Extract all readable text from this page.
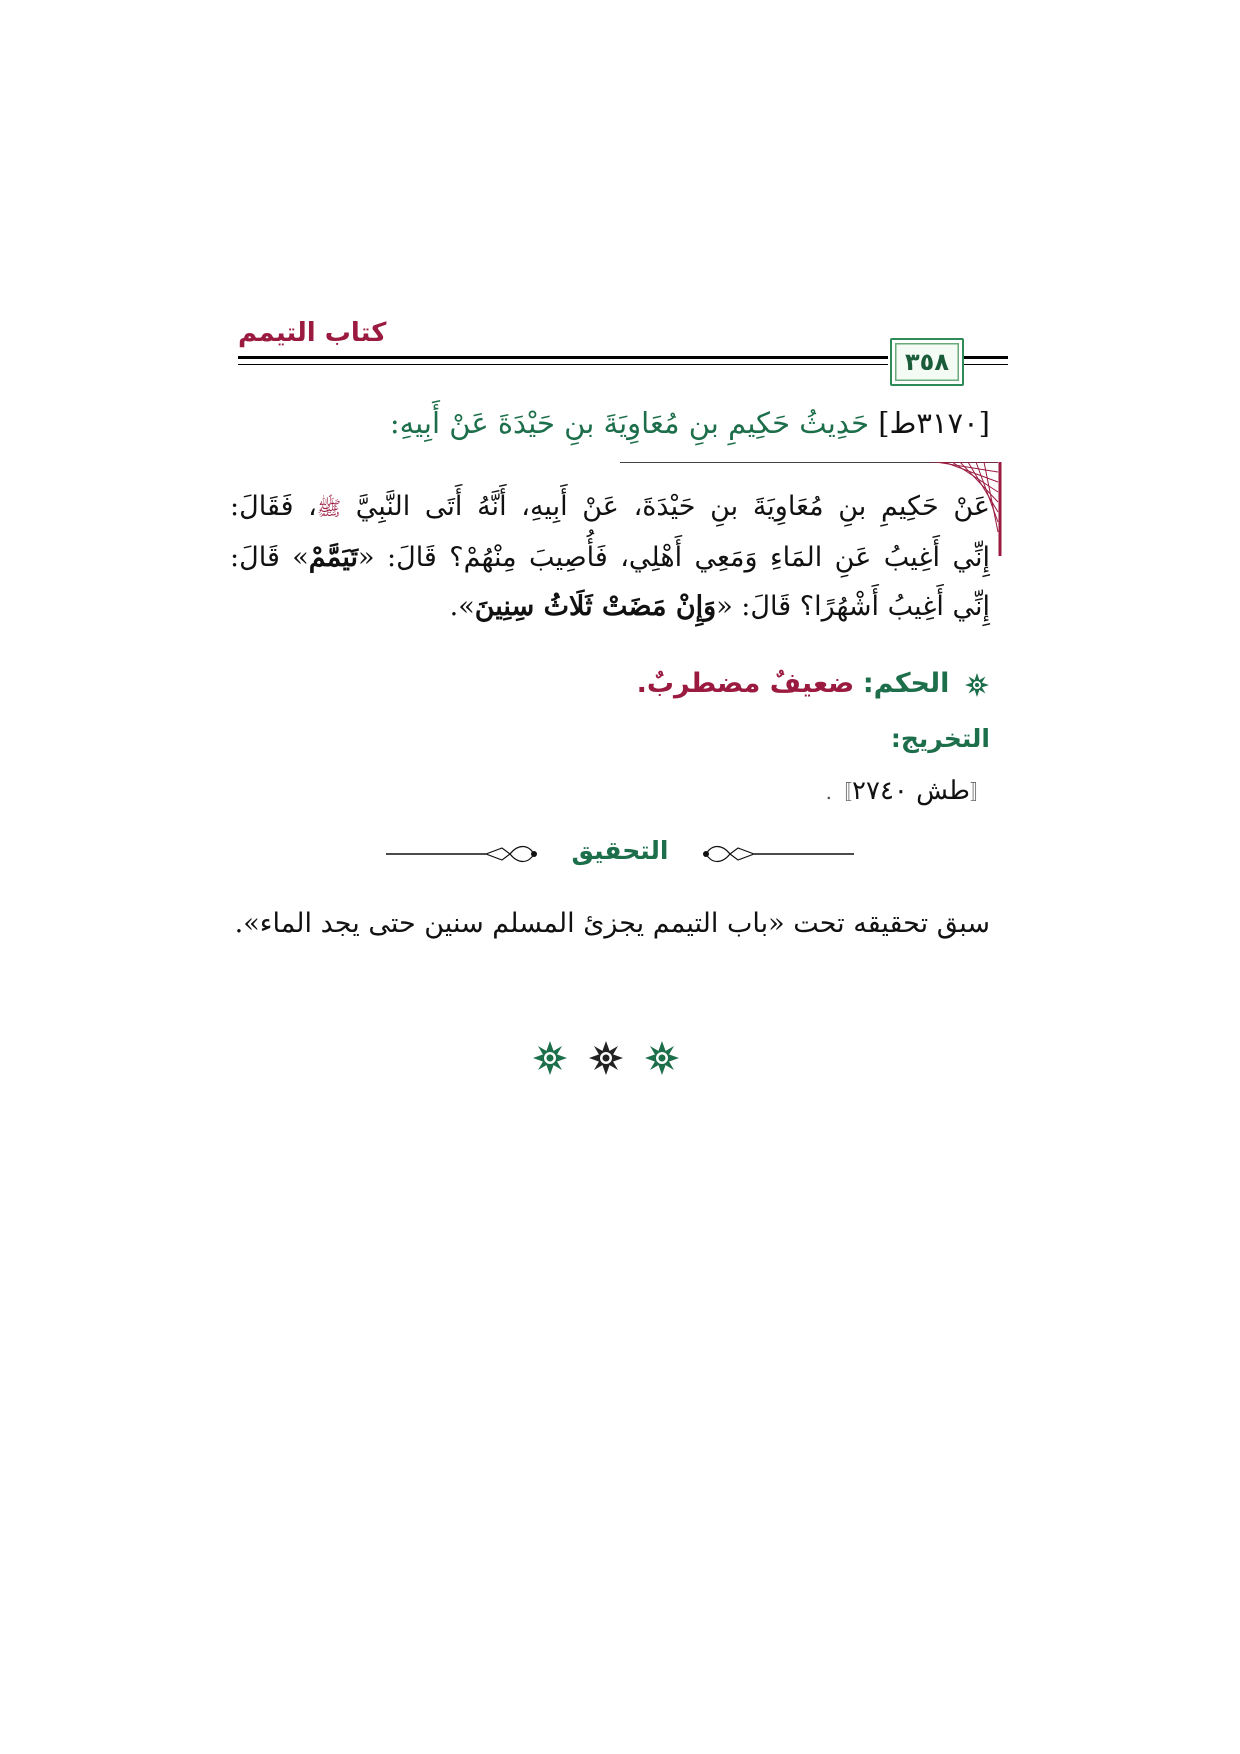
كتاب التيمم
٣٥٨
[٣١٧٠ط] حَدِيثُ حَكِيمِ بنِ مُعَاوِيَةَ بنِ حَيْدَةَ عَنْ أَبِيهِ:
عَنْ حَكِيمِ بنِ مُعَاوِيَةَ بنِ حَيْدَةَ، عَنْ أَبِيهِ، أَنَّهُ أَتَى النَّبِيَّ ﷺ، فَقَالَ:
إِنِّي أَغِيبُ عَنِ المَاءِ وَمَعِي أَهْلِي، فَأُصِيبَ مِنْهُمْ؟ قَالَ: «تَيَمَّمْ» قَالَ:
إِنِّي أَغِيبُ أَشْهُرًا؟ قَالَ: «وَإِنْ مَضَتْ ثَلَاثُ سِنِينَ».
الحكم: ضعيفٌ مضطربٌ.
التخريج:
〚طش ٢٧٤٠〛.
التحقيق
سبق تحقيقه تحت «باب التيمم يجزئ المسلم سنين حتى يجد الماء».
